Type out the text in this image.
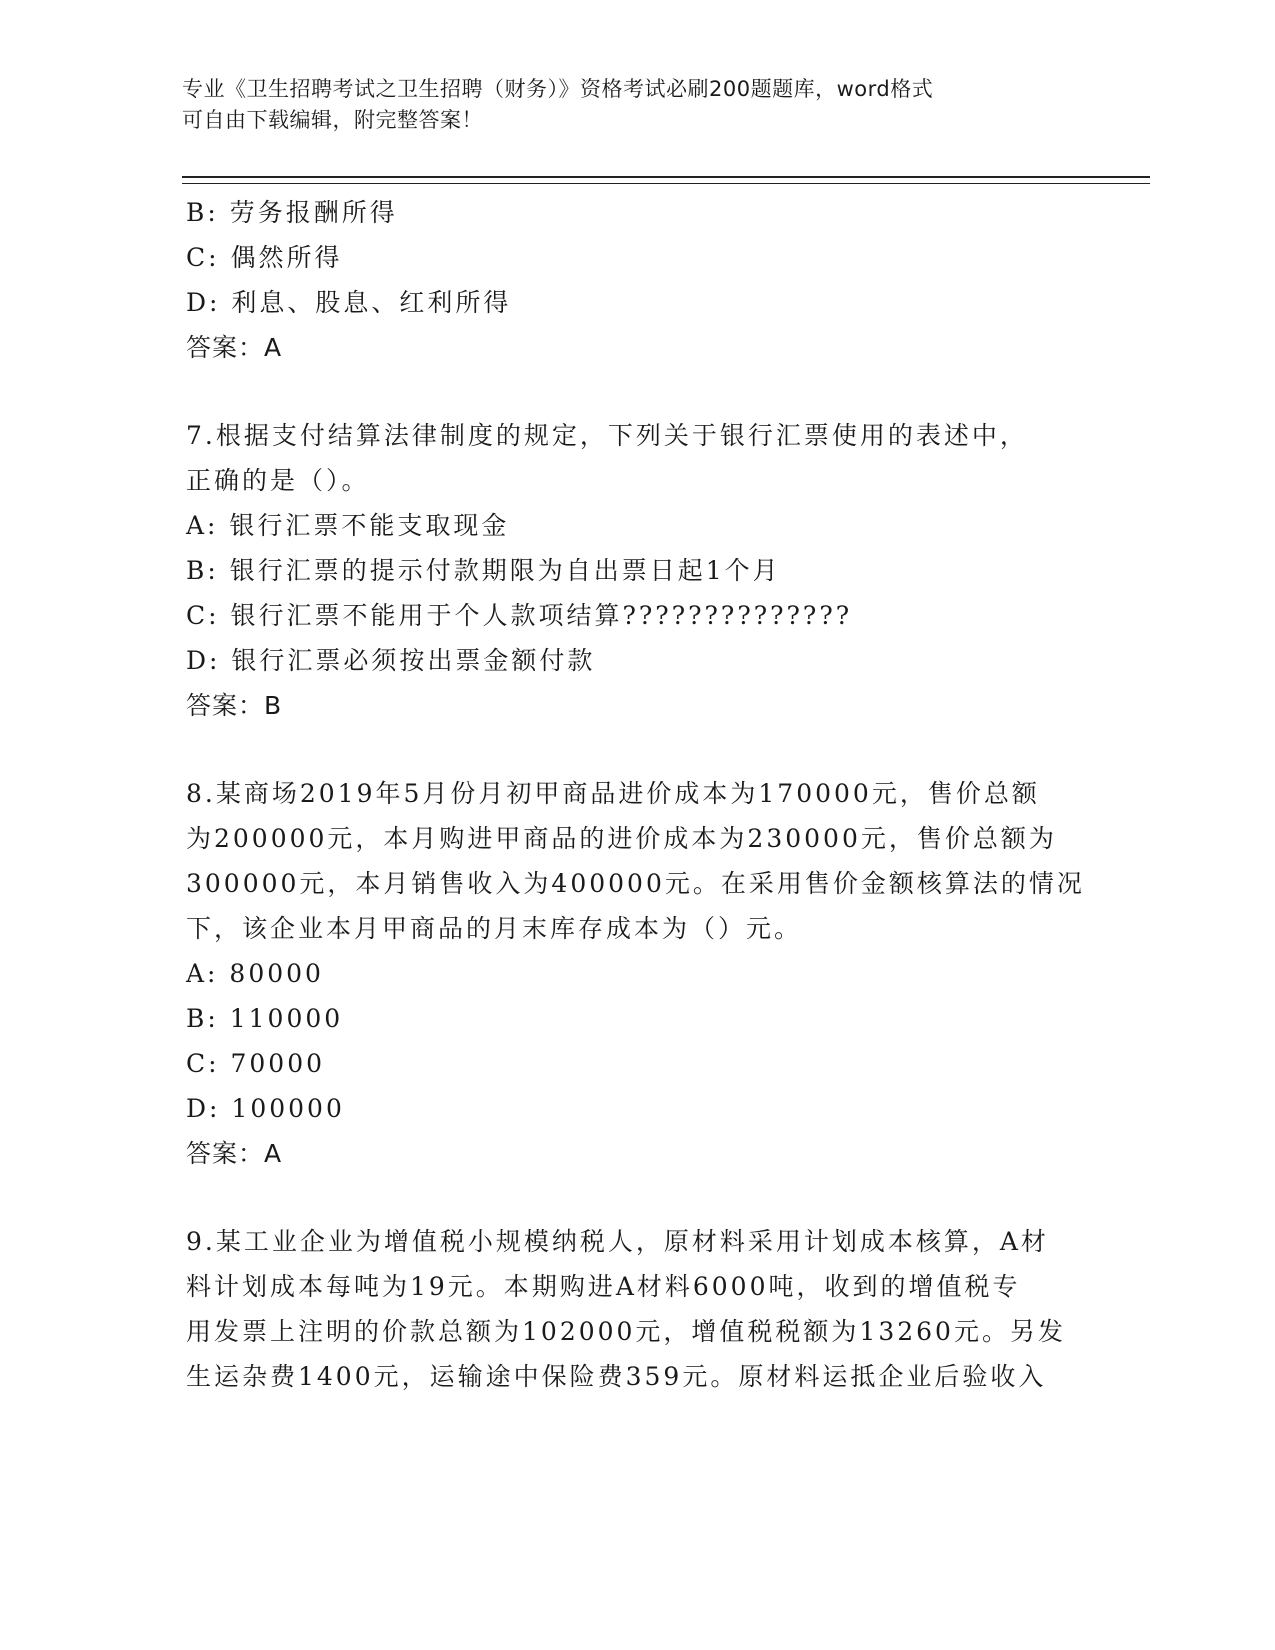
专业《卫生招聘考试之卫生招聘（财务）》资格考试必刷200题题库，word格式
可自由下载编辑，附完整答案！
B: 劳务报酬所得
C: 偶然所得
D: 利息、股息、红利所得
答案：A
7.根据支付结算法律制度的规定，下列关于银行汇票使用的表述中，
正确的是（）。
A: 银行汇票不能支取现金
B: 银行汇票的提示付款期限为自出票日起1个月
C: 银行汇票不能用于个人款项结算??????????????
D: 银行汇票必须按出票金额付款
答案：B
8.某商场2019年5月份月初甲商品进价成本为170000元，售价总额
为200000元，本月购进甲商品的进价成本为230000元，售价总额为
300000元，本月销售收入为400000元。在采用售价金额核算法的情况
下，该企业本月甲商品的月末库存成本为（）元。
A: 80000
B: 110000
C: 70000
D: 100000
答案：A
9.某工业企业为增值税小规模纳税人，原材料采用计划成本核算，A材
料计划成本每吨为19元。本期购进A材料6000吨，收到的增值税专
用发票上注明的价款总额为102000元，增值税税额为13260元。另发
生运杂费1400元，运输途中保险费359元。原材料运抵企业后验收入
